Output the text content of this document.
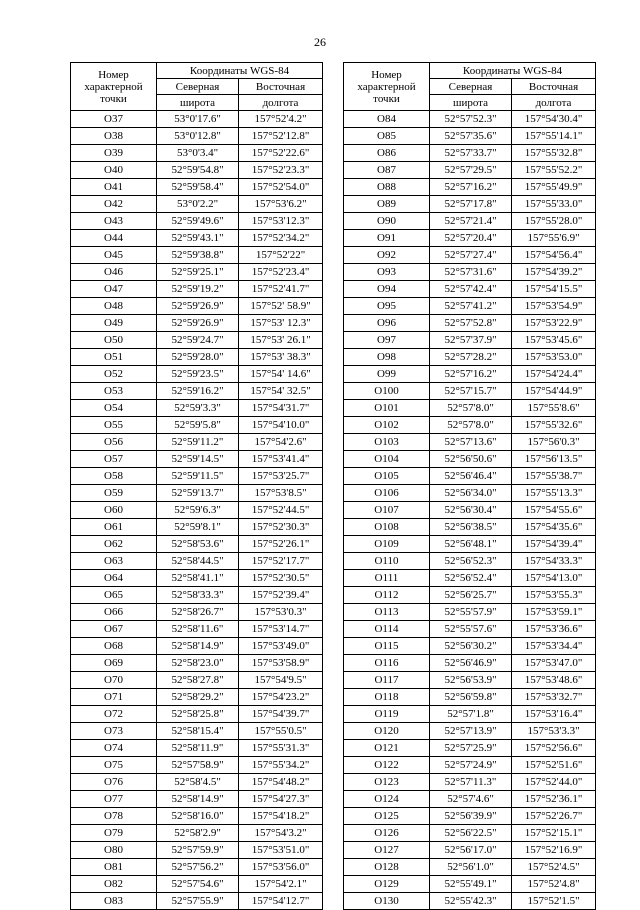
26
Номер
характерной
точки	Координаты WGS-84	
	Северная	Восточная
	широта	долгота
О37	53°0'17.6"	157°52'4.2"
О38	53°0'12.8"	157°52'12.8"
О39	53°0'3.4"	157°52'22.6"
О40	52°59'54.8"	157°52'23.3"
О41	52°59'58.4"	157°52'54.0"
О42	53°0'2.2"	157°53'6.2"
О43	52°59'49.6"	157°53'12.3"
О44	52°59'43.1"	157°52'34.2"
О45	52°59'38.8"	157°52'22"
О46	52°59'25.1"	157°52'23.4"
О47	52°59'19.2"	157°52'41.7"
О48	52°59'26.9"	157°52' 58.9"
О49	52°59'26.9"	157°53' 12.3"
О50	52°59'24.7"	157°53' 26.1"
О51	52°59'28.0"	157°53' 38.3"
О52	52°59'23.5"	157°54' 14.6"
О53	52°59'16.2"	157°54' 32.5"
О54	52°59'3.3"	157°54'31.7"
О55	52°59'5.8"	157°54'10.0"
О56	52°59'11.2"	157°54'2.6"
О57	52°59'14.5"	157°53'41.4"
О58	52°59'11.5"	157°53'25.7"
О59	52°59'13.7"	157°53'8.5"
О60	52°59'6.3"	157°52'44.5"
О61	52°59'8.1"	157°52'30.3"
О62	52°58'53.6"	157°52'26.1"
О63	52°58'44.5"	157°52'17.7"
О64	52°58'41.1"	157°52'30.5"
О65	52°58'33.3"	157°52'39.4"
О66	52°58'26.7"	157°53'0.3"
О67	52°58'11.6"	157°53'14.7"
О68	52°58'14.9"	157°53'49.0"
О69	52°58'23.0"	157°53'58.9"
О70	52°58'27.8"	157°54'9.5"
О71	52°58'29.2"	157°54'23.2"
О72	52°58'25.8"	157°54'39.7"
О73	52°58'15.4"	157°55'0.5"
О74	52°58'11.9"	157°55'31.3"
О75	52°57'58.9"	157°55'34.2"
О76	52°58'4.5"	157°54'48.2"
О77	52°58'14.9"	157°54'27.3"
О78	52°58'16.0"	157°54'18.2"
О79	52°58'2.9"	157°54'3.2"
О80	52°57'59.9"	157°53'51.0"
О81	52°57'56.2"	157°53'56.0"
О82	52°57'54.6"	157°54'2.1"
О83	52°57'55.9"	157°54'12.7"
Номер
характерной
точки	Координаты WGS-84	
	Северная	Восточная
	широта	долгота
О84	52°57'52.3"	157°54'30.4"
О85	52°57'35.6"	157°55'14.1"
О86	52°57'33.7"	157°55'32.8"
О87	52°57'29.5"	157°55'52.2"
О88	52°57'16.2"	157°55'49.9"
О89	52°57'17.8"	157°55'33.0"
О90	52°57'21.4"	157°55'28.0"
О91	52°57'20.4"	157°55'6.9"
О92	52°57'27.4"	157°54'56.4"
О93	52°57'31.6"	157°54'39.2"
О94	52°57'42.4"	157°54'15.5"
О95	52°57'41.2"	157°53'54.9"
О96	52°57'52.8"	157°53'22.9"
О97	52°57'37.9"	157°53'45.6"
О98	52°57'28.2"	157°53'53.0"
О99	52°57'16.2"	157°54'24.4"
О100	52°57'15.7"	157°54'44.9"
О101	52°57'8.0"	157°55'8.6"
О102	52°57'8.0"	157°55'32.6"
О103	52°57'13.6"	157°56'0.3"
О104	52°56'50.6"	157°56'13.5"
О105	52°56'46.4"	157°55'38.7"
О106	52°56'34.0"	157°55'13.3"
О107	52°56'30.4"	157°54'55.6"
О108	52°56'38.5"	157°54'35.6"
О109	52°56'48.1"	157°54'39.4"
О110	52°56'52.3"	157°54'33.3"
О111	52°56'52.4"	157°54'13.0"
О112	52°56'25.7"	157°53'55.3"
О113	52°55'57.9"	157°53'59.1"
О114	52°55'57.6"	157°53'36.6"
О115	52°56'30.2"	157°53'34.4"
О116	52°56'46.9"	157°53'47.0"
О117	52°56'53.9"	157°53'48.6"
О118	52°56'59.8"	157°53'32.7"
О119	52°57'1.8"	157°53'16.4"
О120	52°57'13.9"	157°53'3.3"
О121	52°57'25.9"	157°52'56.6"
О122	52°57'24.9"	157°52'51.6"
О123	52°57'11.3"	157°52'44.0"
О124	52°57'4.6"	157°52'36.1"
О125	52°56'39.9"	157°52'26.7"
О126	52°56'22.5"	157°52'15.1"
О127	52°56'17.0"	157°52'16.9"
О128	52°56'1.0"	157°52'4.5"
О129	52°55'49.1"	157°52'4.8"
О130	52°55'42.3"	157°52'1.5"
